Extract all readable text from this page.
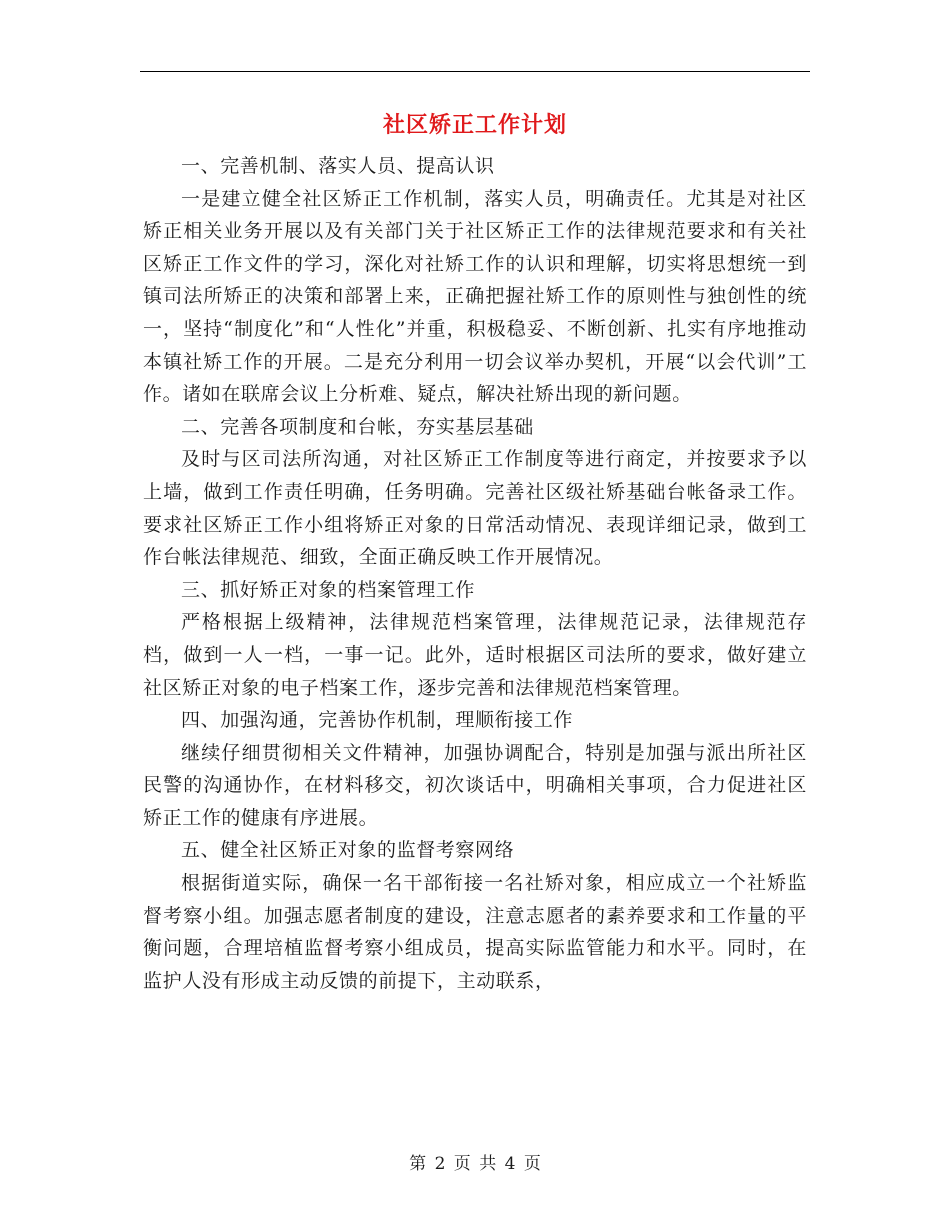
社区矫正工作计划

一、完善机制、落实人员、提高认识

一是建立健全社区矫正工作机制，落实人员，明确责任。尤其是对社区矫正相关业务开展以及有关部门关于社区矫正工作的法律规范要求和有关社区矫正工作文件的学习，深化对社矫工作的认识和理解，切实将思想统一到镇司法所矫正的决策和部署上来，正确把握社矫工作的原则性与独创性的统一，坚持“制度化”和“人性化”并重，积极稳妥、不断创新、扎实有序地推动本镇社矫工作的开展。二是充分利用一切会议举办契机，开展“以会代训”工作。诸如在联席会议上分析难、疑点，解决社矫出现的新问题。

二、完善各项制度和台帐，夯实基层基础

及时与区司法所沟通，对社区矫正工作制度等进行商定，并按要求予以上墙，做到工作责任明确，任务明确。完善社区级社矫基础台帐备录工作。要求社区矫正工作小组将矫正对象的日常活动情况、表现详细记录，做到工作台帐法律规范、细致，全面正确反映工作开展情况。

三、抓好矫正对象的档案管理工作

严格根据上级精神，法律规范档案管理，法律规范记录，法律规范存档，做到一人一档，一事一记。此外，适时根据区司法所的要求，做好建立社区矫正对象的电子档案工作，逐步完善和法律规范档案管理。

四、加强沟通，完善协作机制，理顺衔接工作

继续仔细贯彻相关文件精神，加强协调配合，特别是加强与派出所社区民警的沟通协作，在材料移交，初次谈话中，明确相关事项，合力促进社区矫正工作的健康有序进展。

五、健全社区矫正对象的监督考察网络

根据街道实际，确保一名干部衔接一名社矫对象，相应成立一个社矫监督考察小组。加强志愿者制度的建设，注意志愿者的素养要求和工作量的平衡问题，合理培植监督考察小组成员，提高实际监管能力和水平。同时，在监护人没有形成主动反馈的前提下，主动联系，

第 2 页 共 4 页
